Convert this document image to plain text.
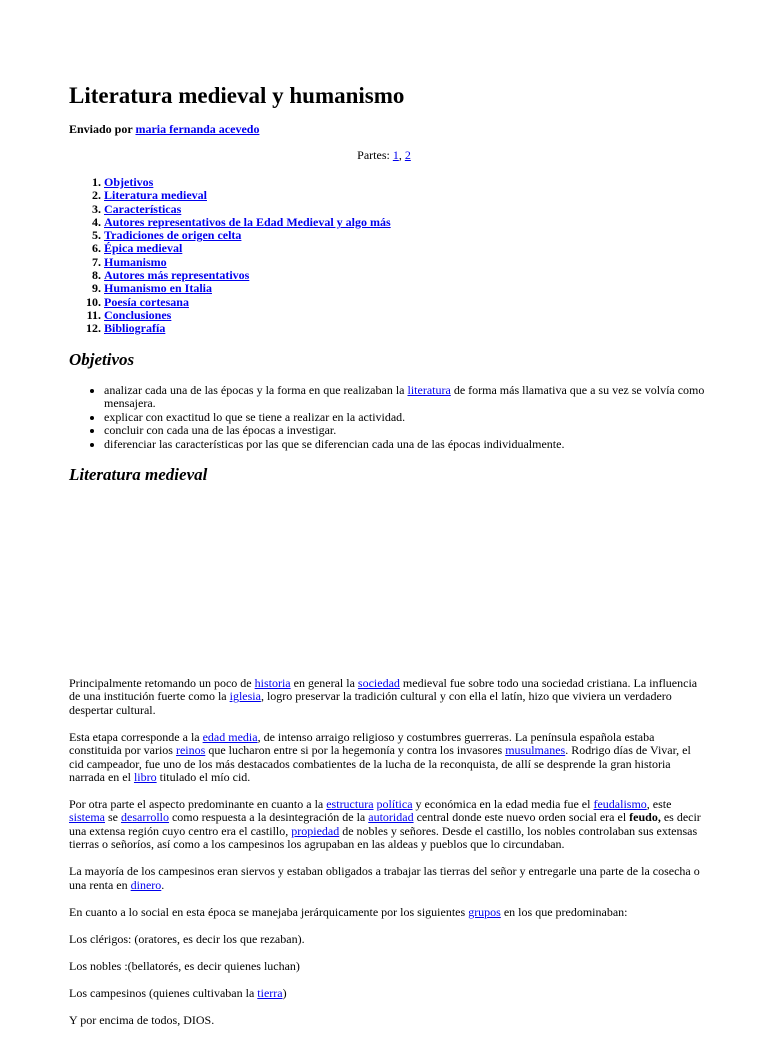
Literatura medieval y humanismo
Enviado por maria fernanda acevedo
Partes: 1, 2
1. Objetivos
2. Literatura medieval
3. Características
4. Autores representativos de la Edad Medieval y algo más
5. Tradiciones de origen celta
6. Épica medieval
7. Humanismo
8. Autores más representativos
9. Humanismo en Italia
10. Poesía cortesana
11. Conclusiones
12. Bibliografía
Objetivos
• analizar cada una de las épocas y la forma en que realizaban la literatura de forma más llamativa que a su vez se volvía como mensajera.
• explicar con exactitud lo que se tiene a realizar en la actividad.
• concluir con cada una de las épocas a investigar.
• diferenciar las características por las que se diferencian cada una de las épocas individualmente.
Literatura medieval

Principalmente retomando un poco de historia en general la sociedad medieval fue sobre todo una sociedad cristiana. La influencia de una institución fuerte como la iglesia, logro preservar la tradición cultural y con ella el latín, hizo que viviera un verdadero despertar cultural.

Esta etapa corresponde a la edad media, de intenso arraigo religioso y costumbres guerreras. La península española estaba constituida por varios reinos que lucharon entre si por la hegemonía y contra los invasores musulmanes. Rodrigo días de Vivar, el cid campeador, fue uno de los más destacados combatientes de la lucha de la reconquista, de allí se desprende la gran historia narrada en el libro titulado el mío cid.

Por otra parte el aspecto predominante en cuanto a la estructura política y económica en la edad media fue el feudalismo, este sistema se desarrollo como respuesta a la desintegración de la autoridad central donde este nuevo orden social era el feudo, es decir una extensa región cuyo centro era el castillo, propiedad de nobles y señores. Desde el castillo, los nobles controlaban sus extensas tierras o señoríos, así como a los campesinos los agrupaban en las aldeas y pueblos que lo circundaban.

La mayoría de los campesinos eran siervos y estaban obligados a trabajar las tierras del señor y entregarle una parte de la cosecha o una renta en dinero.

En cuanto a lo social en esta época se manejaba jerárquicamente por los siguientes grupos en los que predominaban:

Los clérigos: (oratores, es decir los que rezaban).

Los nobles :(bellatorés, es decir quienes luchan)

Los campesinos (quienes cultivaban la tierra)

Y por encima de todos, DIOS.
